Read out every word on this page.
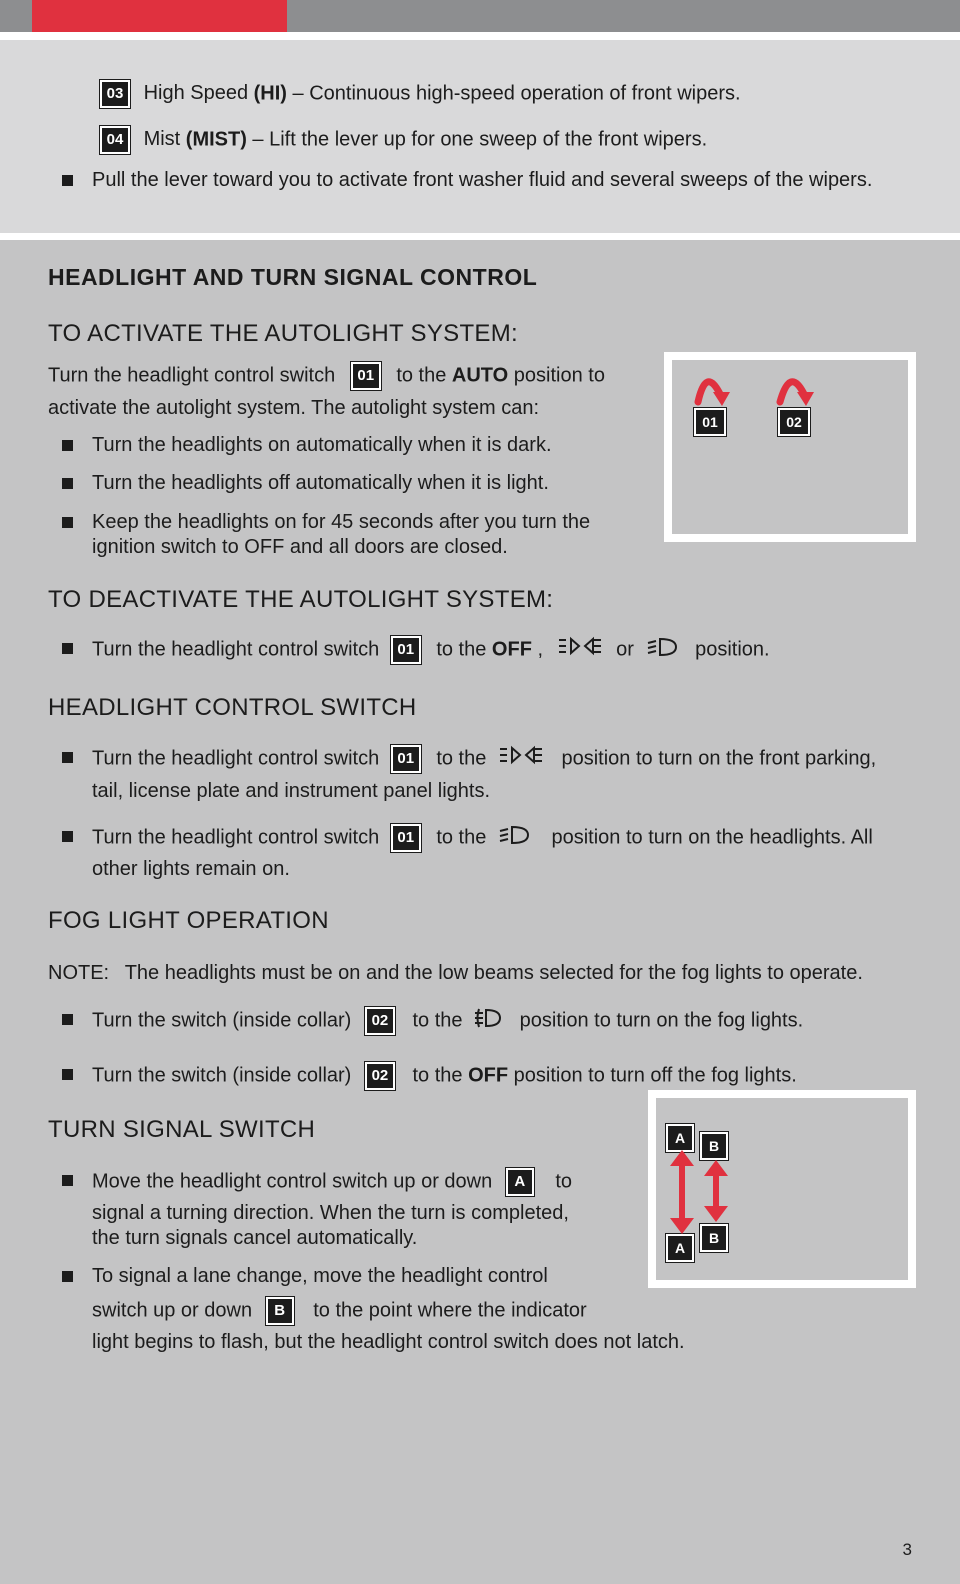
03 High Speed (HI) – Continuous high-speed operation of front wipers.
04 Mist (MIST) – Lift the lever up for one sweep of the front wipers.
Pull the lever toward you to activate front washer fluid and several sweeps of the wipers.
HEADLIGHT AND TURN SIGNAL CONTROL
TO ACTIVATE THE AUTOLIGHT SYSTEM:
Turn the headlight control switch 01 to the AUTO position to
activate the autolight system. The autolight system can:
Turn the headlights on automatically when it is dark.
Turn the headlights off automatically when it is light.
Keep the headlights on for 45 seconds after you turn the
ignition switch to OFF and all doors are closed.
01	02
TO DEACTIVATE THE AUTOLIGHT SYSTEM:
Turn the headlight control switch 01 to the OFF ,	or	position.
HEADLIGHT CONTROL SWITCH
Turn the headlight control switch 01 to the	position to turn on the front parking,
tail, license plate and instrument panel lights.
Turn the headlight control switch 01 to the	position to turn on the headlights. All
other lights remain on.
FOG LIGHT OPERATION
NOTE: The headlights must be on and the low beams selected for the fog lights to operate.
Turn the switch (inside collar) 02 to the	position to turn on the fog lights.
Turn the switch (inside collar) 02 to the OFF position to turn off the fog lights.
TURN SIGNAL SWITCH
Move the headlight control switch up or down A to
signal a turning direction. When the turn is completed,
the turn signals cancel automatically.
To signal a lane change, move the headlight control
switch up or down B to the point where the indicator
light begins to flash, but the headlight control switch does not latch.
A	B
A
B
3
